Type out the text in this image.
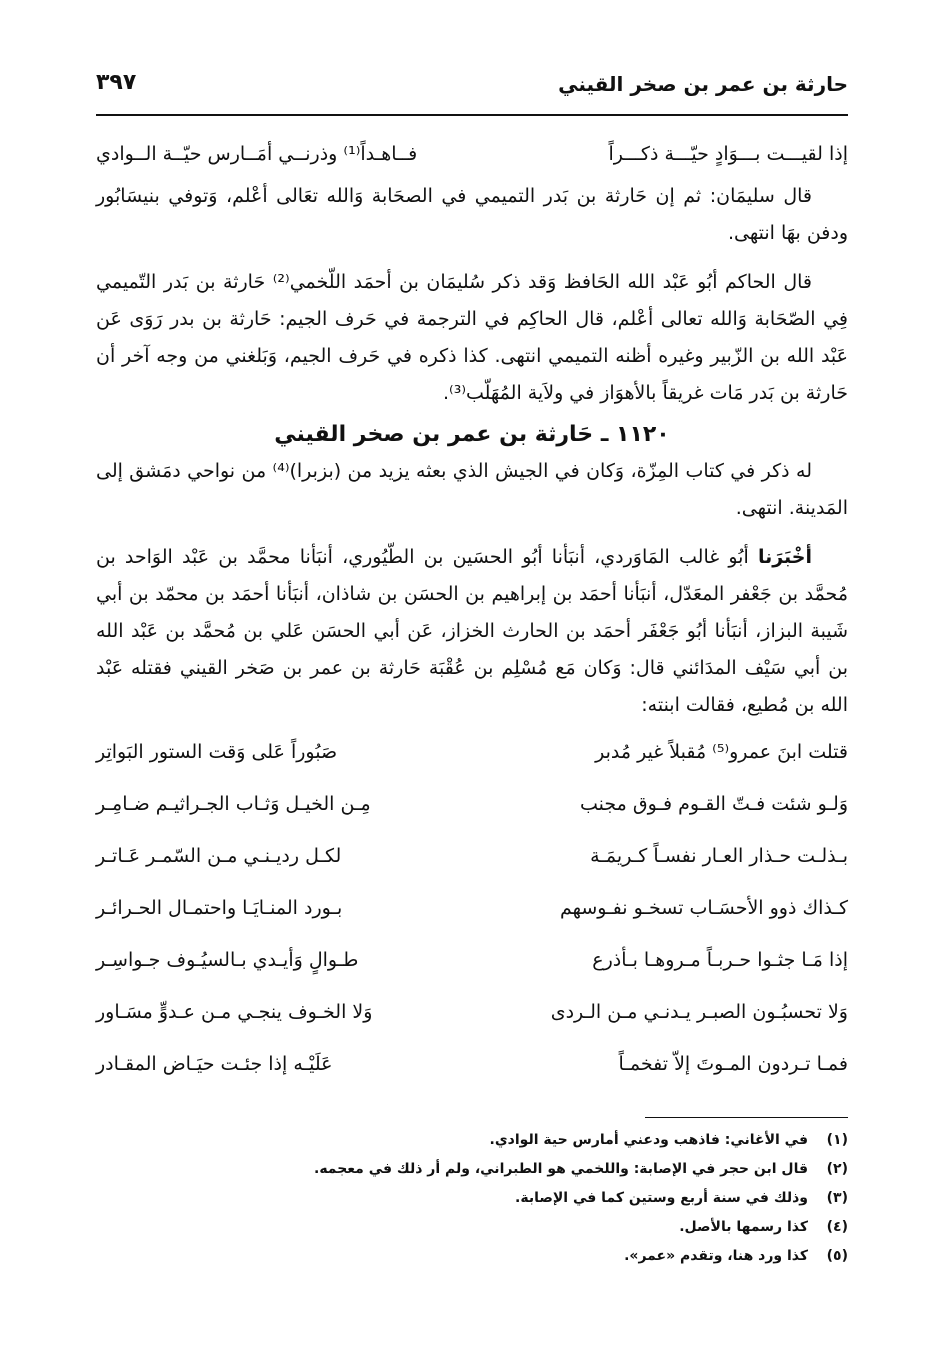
حارثة بن عمر بن صخر القيني
٣٩٧
إذا لقيـــت بـــوَادٍ حيّـــة ذكـــراً
فــاهـداً⁽¹⁾ وذرنــي أمَــارس حيّــة الــوادي

قال سليمَان: ثم إن حَارثة بن بَدر التميمي في الصحَابة وَالله تعَالى أعْلم، وَتوفي بنيسَابُور ودفن بهَا انتهى.

قال الحاكم أبُو عَبْد الله الحَافظ وَقد ذكر سُليمَان بن أحمَد اللّخمي⁽²⁾ حَارثة بن بَدر التّميمي فِي الصّحَابة وَالله تعالى أعْلم، قال الحاكِم في الترجمة في حَرف الجيم: حَارثة بن بدر رَوَى عَن عَبْد الله بن الزّبير وغيره أظنه التميمي انتهى. كذا ذكره في حَرف الجيم، وَبَلغني من وجه آخر أن حَارثة بن بَدر مَات غريقاً بالأهوَاز في ولاَية المُهَلّب⁽³⁾.

١١٢٠ ـ حَارثة بن عمر بن صخر القيني

له ذكر في كتاب المِزّة، وَكان في الجيش الذي بعثه يزيد من (بزبرا)⁽⁴⁾ من نواحي دمَشق إلى المَدينة. انتهى.

أخْبَرَنا أبُو غالب المَاوَردي، أنبَأنا أبُو الحسَين بن الطّيُوري، أنبَأنا محمَّد بن عَبْد الوَاحد بن مُحمَّد بن جَعْفر المعَدّل، أنبَأنا أحمَد بن إبراهيم بن الحسَن بن شاذان، أنبَأنا أحمَد بن محمّد بن أبي شَيبة البزاز، أنبَأنا أبُو جَعْفَر أحمَد بن الحارث الخزاز، عَن أبي الحسَن عَلي بن مُحمَّد بن عَبْد الله بن أبي سَيْف المدَائني قال: وَكان مَع مُسْلِم بن عُقْبَة حَارثة بن عمر بن صَخر القيني فقتله عَبْد الله بن مُطيع، فقالت ابنته:

قتلت ابنَ عمرو⁽⁵⁾ مُقبلاً غير مُدبر
صَبُوراً عَلى وَقت الستور البَواتِر
وَلـو شئت فـتّ القـوم فـوق مجنب
مِـن الخيـل وَثـاب الجـراثيـم ضـامِـر
بـذلـت حـذار العـار نفسـاً كـريمَـة
لكـل رديـنـي مـن السّمـر عَـاتـر
كـذاك ذوو الأحسَـاب تسخـو نفـوسهم
بـورد المنـايَـا واحتمـال الحـرائـر
إذا مَـا جثـوا حـربـاً مـروهـا بـأذرع
طـوالٍ وَأيـدي بـالسيُـوف جـواسِـر
وَلا تحسبُـون الصبـر يـدنـي مـن الـردى
وَلا الخـوف ينجـي مـن عـدوٍّ مسَـاور
فمـا تـردون المـوتَ إلاّ تفخمـاً
عَلَيْـه إذا جئـت حيَـاض المقـادر
(١)
في الأغاني: فاذهب ودعني أمارس حية الوادي.
(٢)
قال ابن حجر في الإصابة: واللخمي هو الطبراني، ولم أر ذلك في معجمه.
(٣)
وذلك في سنة أربع وستين كما في الإصابة.
(٤)
كذا رسمها بالأصل.
(٥)
كذا ورد هنا، وتقدم «عمر».
